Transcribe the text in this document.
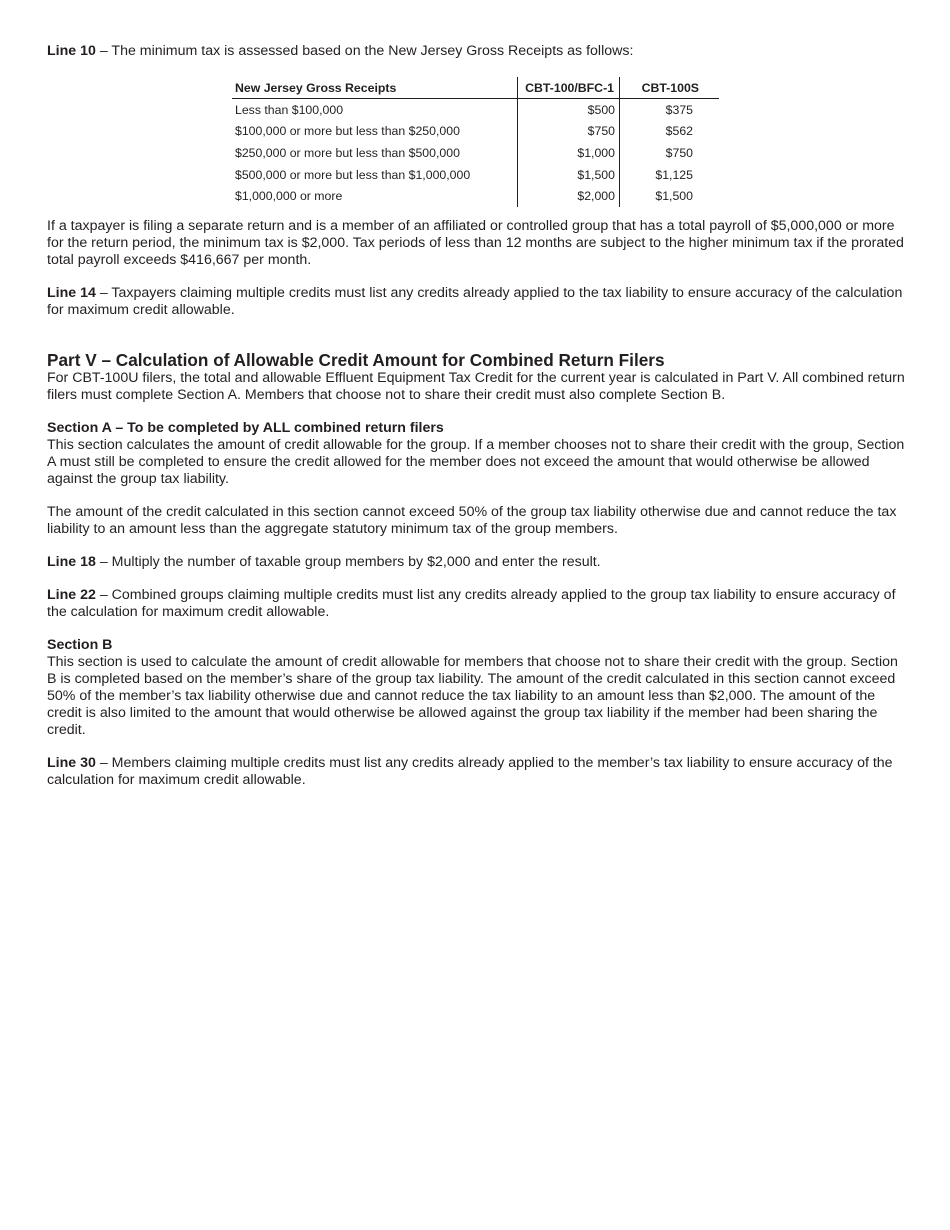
Line 10 – The minimum tax is assessed based on the New Jersey Gross Receipts as follows:

New Jersey Gross Receipts	CBT-100/BFC-1	CBT-100S
Less than $100,000	$500	$375
$100,000 or more but less than $250,000	$750	$562
$250,000 or more but less than $500,000	$1,000	$750
$500,000 or more but less than $1,000,000	$1,500	$1,125
$1,000,000 or more	$2,000	$1,500

If a taxpayer is filing a separate return and is a member of an affiliated or controlled group that has a total payroll of $5,000,000 or more for the return period, the minimum tax is $2,000. Tax periods of less than 12 months are subject to the higher minimum tax if the prorated total payroll exceeds $416,667 per month.

Line 14 – Taxpayers claiming multiple credits must list any credits already applied to the tax liability to ensure accuracy of the calculation for maximum credit allowable.

Part V – Calculation of Allowable Credit Amount for Combined Return Filers

For CBT-100U filers, the total and allowable Effluent Equipment Tax Credit for the current year is calculated in Part V. All combined return filers must complete Section A. Members that choose not to share their credit must also complete Section B.

Section A – To be completed by ALL combined return filers

This section calculates the amount of credit allowable for the group. If a member chooses not to share their credit with the group, Section A must still be completed to ensure the credit allowed for the member does not exceed the amount that would otherwise be allowed against the group tax liability.

The amount of the credit calculated in this section cannot exceed 50% of the group tax liability otherwise due and cannot reduce the tax liability to an amount less than the aggregate statutory minimum tax of the group members.

Line 18 – Multiply the number of taxable group members by $2,000 and enter the result.

Line 22 – Combined groups claiming multiple credits must list any credits already applied to the group tax liability to ensure accuracy of the calculation for maximum credit allowable.

Section B

This section is used to calculate the amount of credit allowable for members that choose not to share their credit with the group. Section B is completed based on the member’s share of the group tax liability. The amount of the credit calculated in this section cannot exceed 50% of the member’s tax liability otherwise due and cannot reduce the tax liability to an amount less than $2,000. The amount of the credit is also limited to the amount that would otherwise be allowed against the group tax liability if the member had been sharing the credit.

Line 30 – Members claiming multiple credits must list any credits already applied to the member’s tax liability to ensure accuracy of the calculation for maximum credit allowable.
